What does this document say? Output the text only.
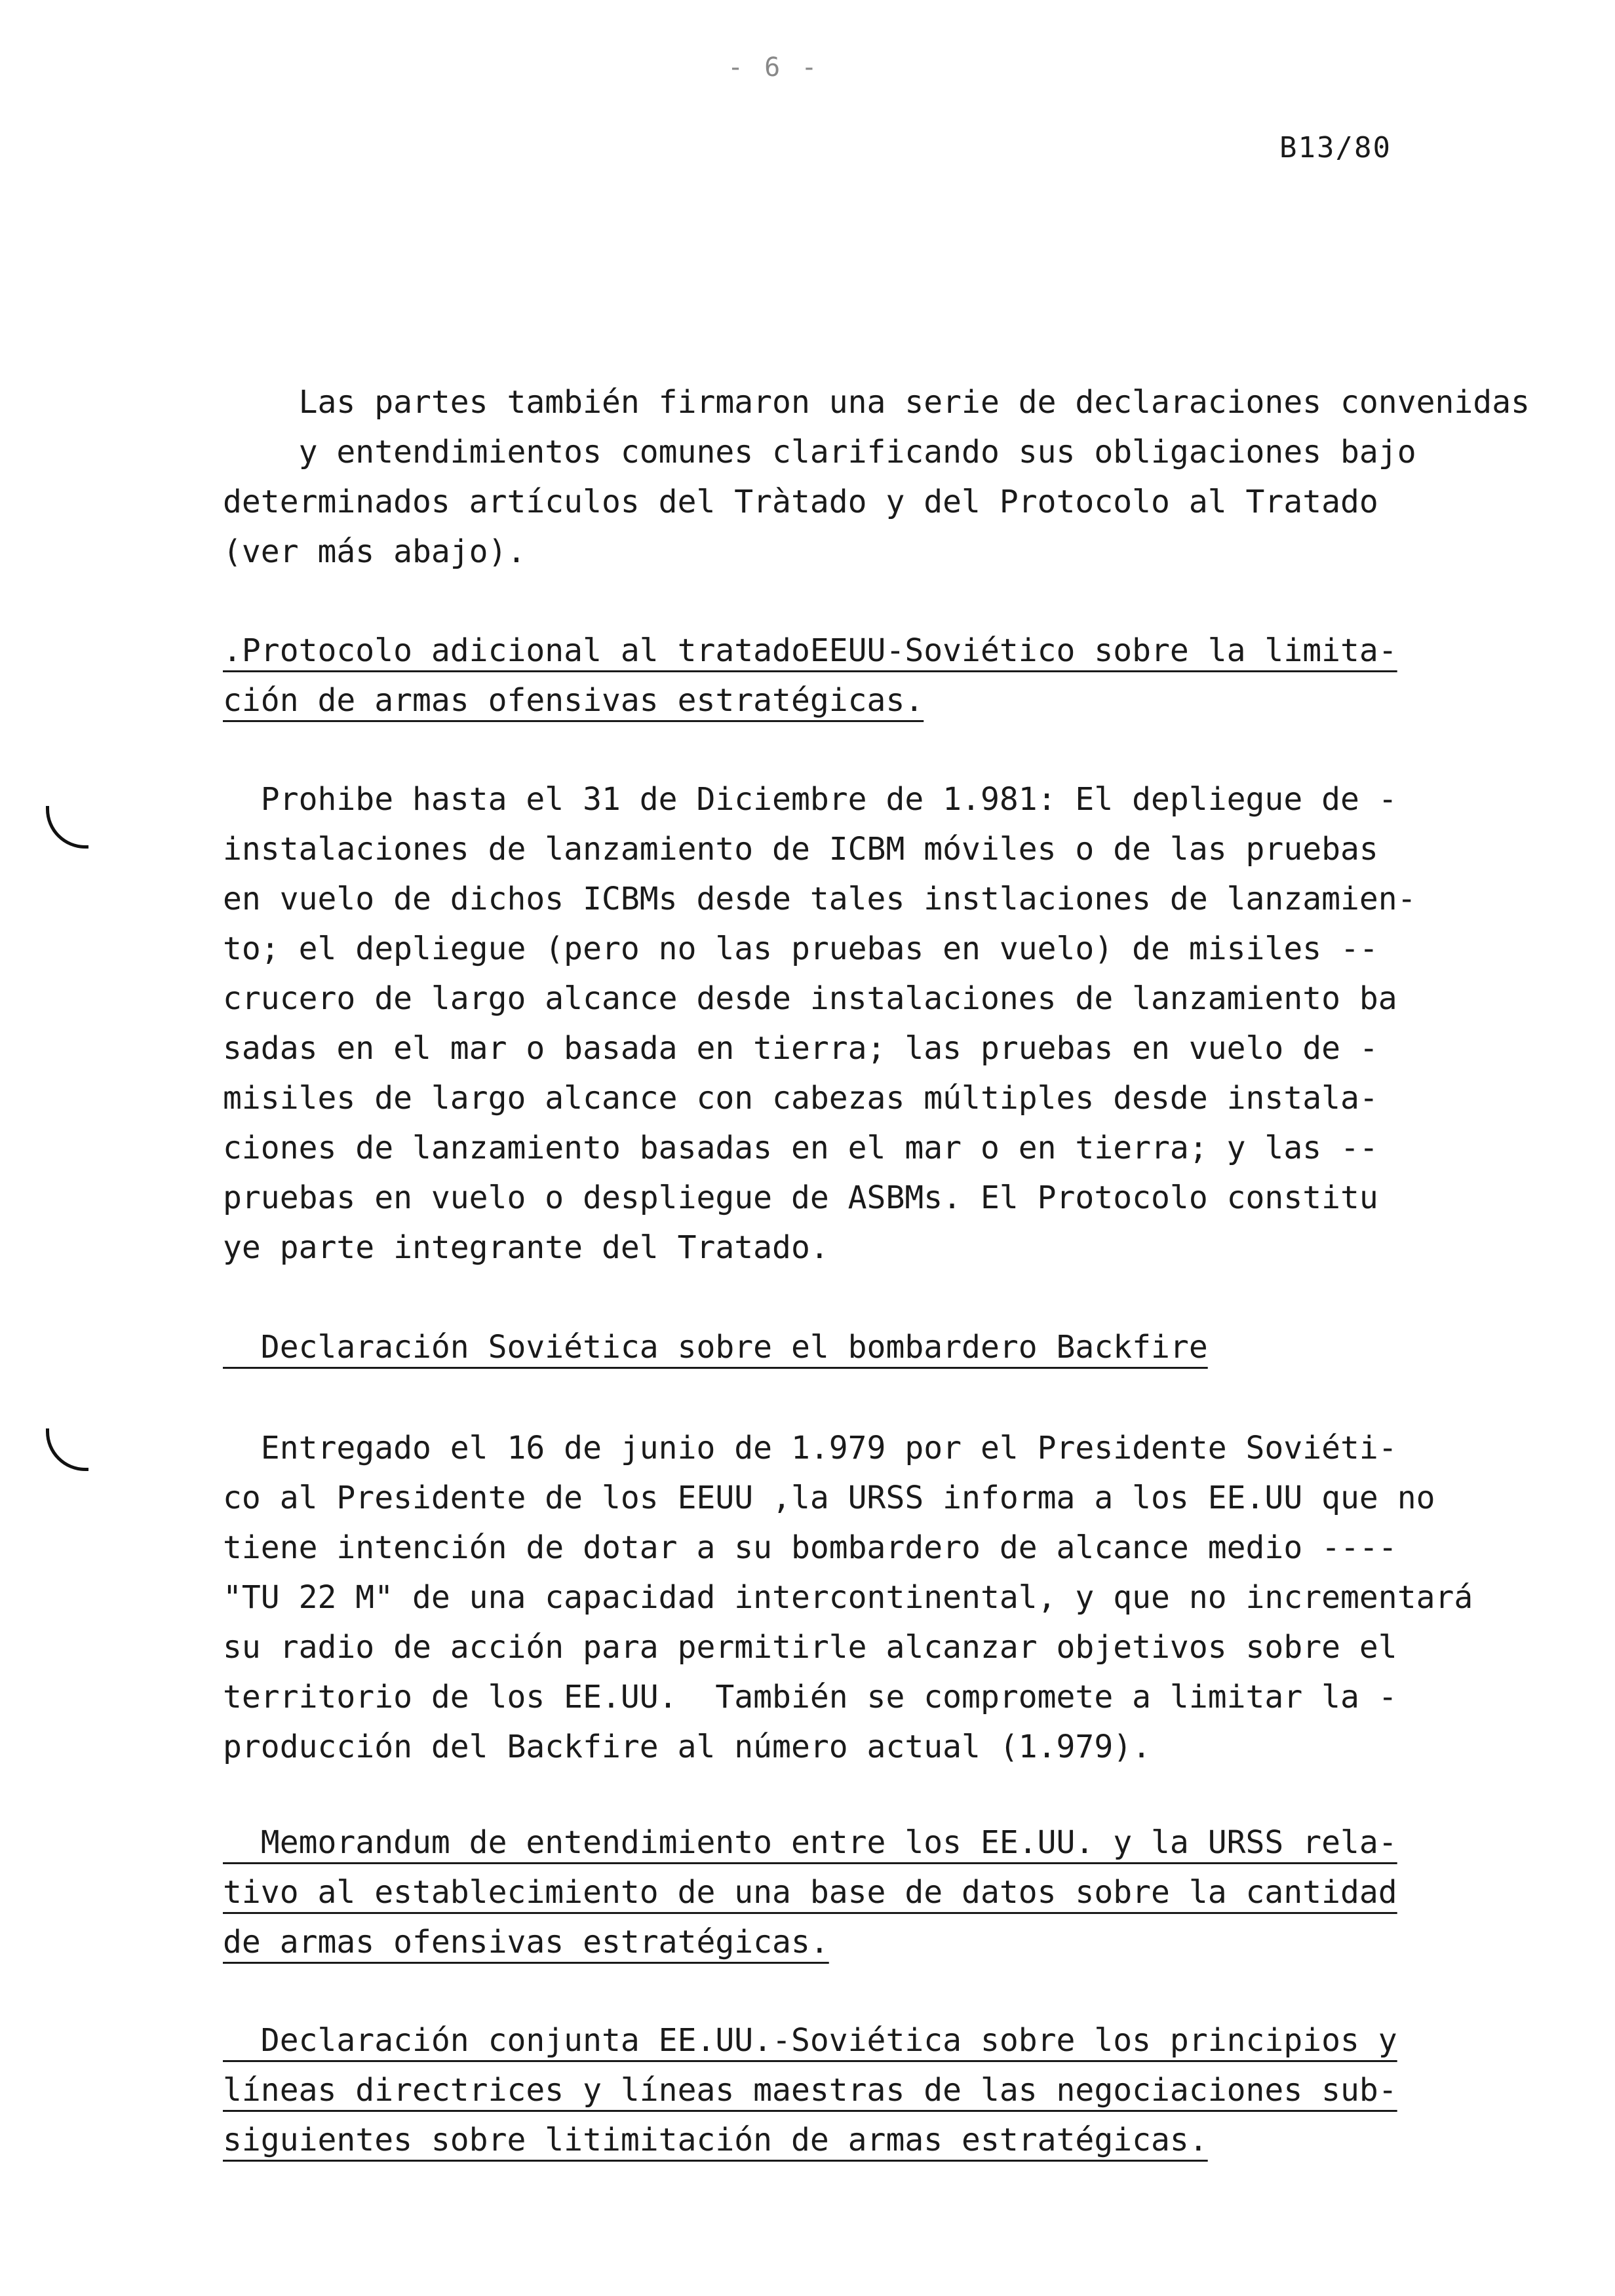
- 6 -
B13/80
Las partes también firmaron una serie de declaraciones convenidas
y entendimientos comunes clarificando sus obligaciones bajo
determinados artículos del Tràtado y del Protocolo al Tratado
(ver más abajo).
.Protocolo adicional al tratadoEEUU-Soviético sobre la limita-
ción de armas ofensivas estratégicas.
Prohibe hasta el 31 de Diciembre de 1.981: El depliegue de -
instalaciones de lanzamiento de ICBM móviles o de las pruebas
en vuelo de dichos ICBMs desde tales instlaciones de lanzamien-
to; el depliegue (pero no las pruebas en vuelo) de misiles --
crucero de largo alcance desde instalaciones de lanzamiento ba
sadas en el mar o basada en tierra; las pruebas en vuelo de -
misiles de largo alcance con cabezas múltiples desde instala-
ciones de lanzamiento basadas en el mar o en tierra; y las --
pruebas en vuelo o despliegue de ASBMs. El Protocolo constitu
ye parte integrante del Tratado.
Declaración Soviética sobre el bombardero Backfire
Entregado el 16 de junio de 1.979 por el Presidente Soviéti-
co al Presidente de los EEUU ,la URSS informa a los EE.UU que no
tiene intención de dotar a su bombardero de alcance medio ----
"TU 22 M" de una capacidad intercontinental, y que no incrementará
su radio de acción para permitirle alcanzar objetivos sobre el
territorio de los EE.UU.  También se compromete a limitar la -
producción del Backfire al número actual (1.979).
Memorandum de entendimiento entre los EE.UU. y la URSS rela-
tivo al establecimiento de una base de datos sobre la cantidad
de armas ofensivas estratégicas.
Declaración conjunta EE.UU.-Soviética sobre los principios y
líneas directrices y líneas maestras de las negociaciones sub-
siguientes sobre litimitación de armas estratégicas.
